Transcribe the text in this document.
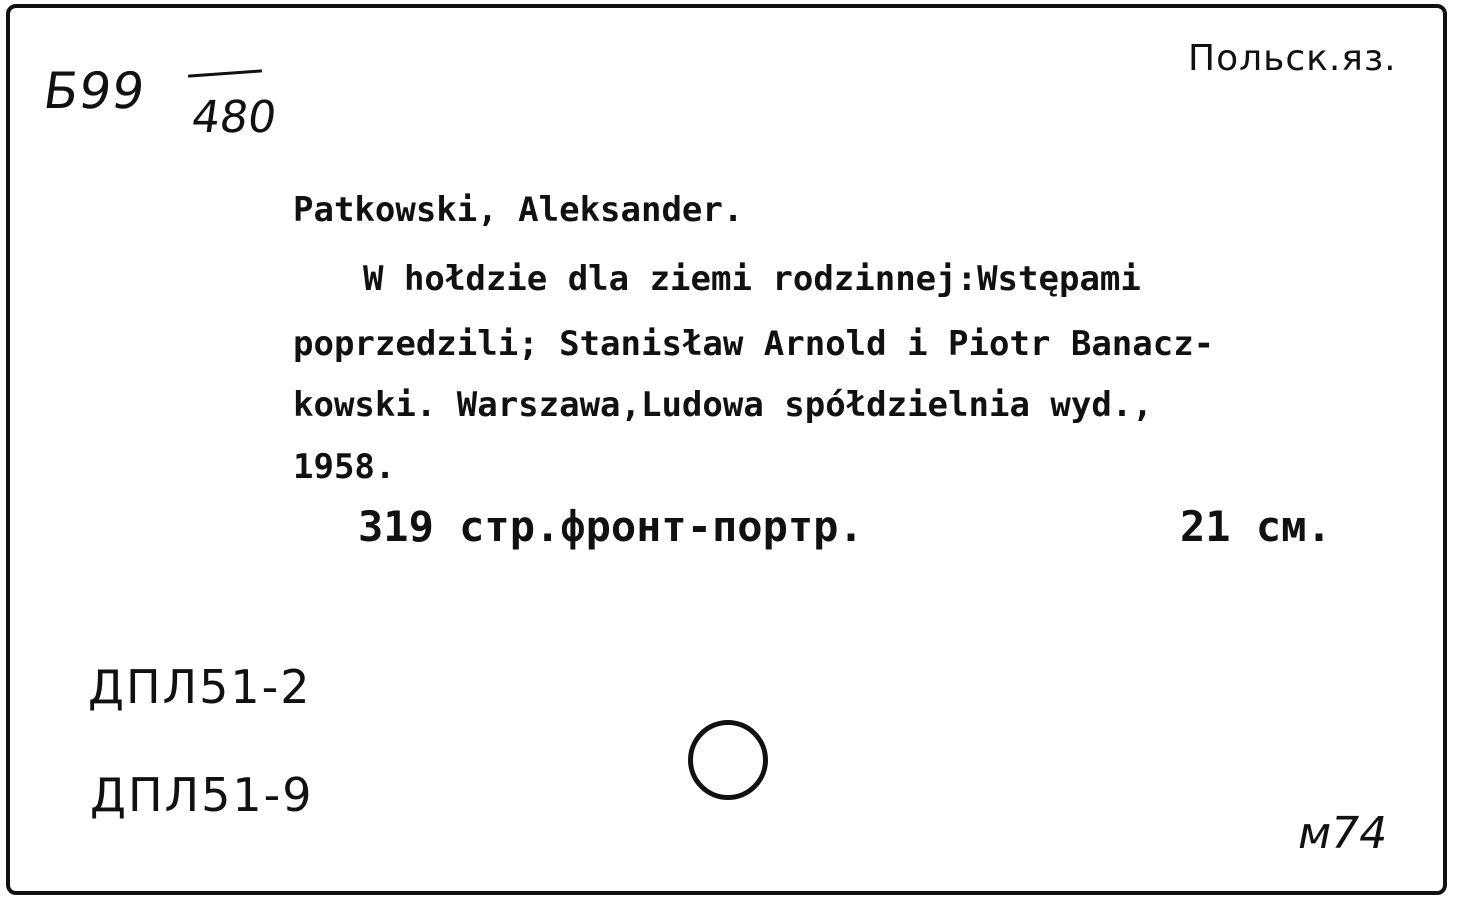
Б99 480
Польск.яз.
Patkowski, Aleksander.
W hołdzie dla ziemi rodzinnej:Wstępami
poprzedzili; Stanisław Arnold i Piotr Banacz-
kowski. Warszawa,Ludowa spółdzielnia wyd.,
1958.
319 стр.фронт-портр.	21 см.
ДПЛ51-2
ДПЛ51-9
м74
